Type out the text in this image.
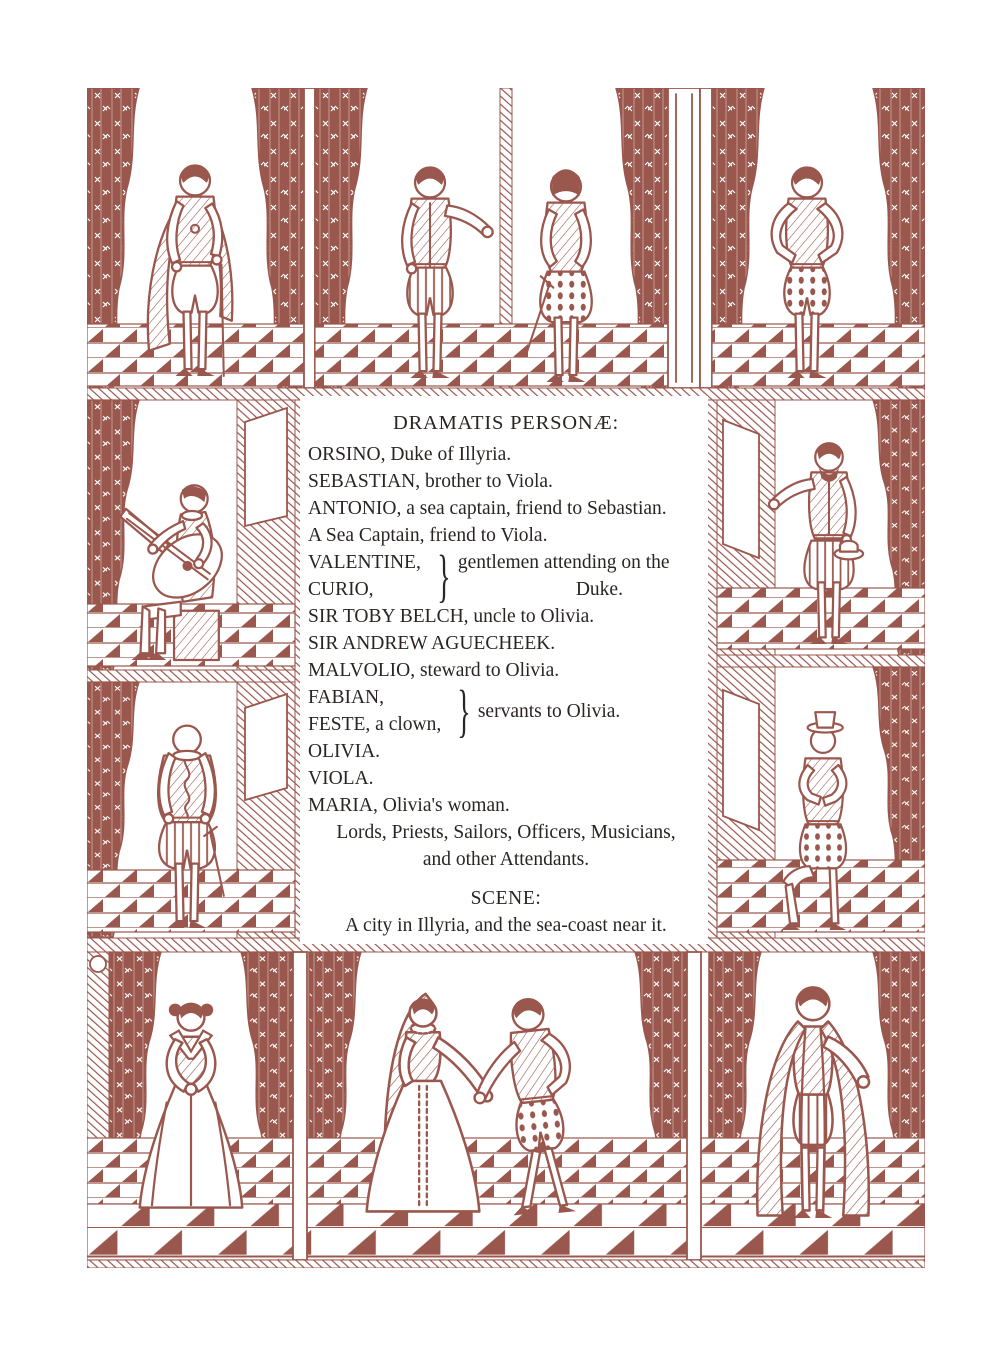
DRAMATIS PERSONÆ:
ORSINO, Duke of Illyria.
SEBASTIAN, brother to Viola.
ANTONIO, a sea captain, friend to Sebastian.
A Sea Captain, friend to Viola.
VALENTINE,
CURIO,	} gentlemen attending on the
Duke.
SIR TOBY BELCH, uncle to Olivia.
SIR ANDREW AGUECHEEK.
MALVOLIO, steward to Olivia.
FABIAN,
FESTE, a clown, } servants to Olivia.
OLIVIA.
VIOLA.
MARIA, Olivia's woman.
Lords, Priests, Sailors, Officers, Musicians,
and other Attendants.
SCENE:
A city in Illyria, and the sea-coast near it.
